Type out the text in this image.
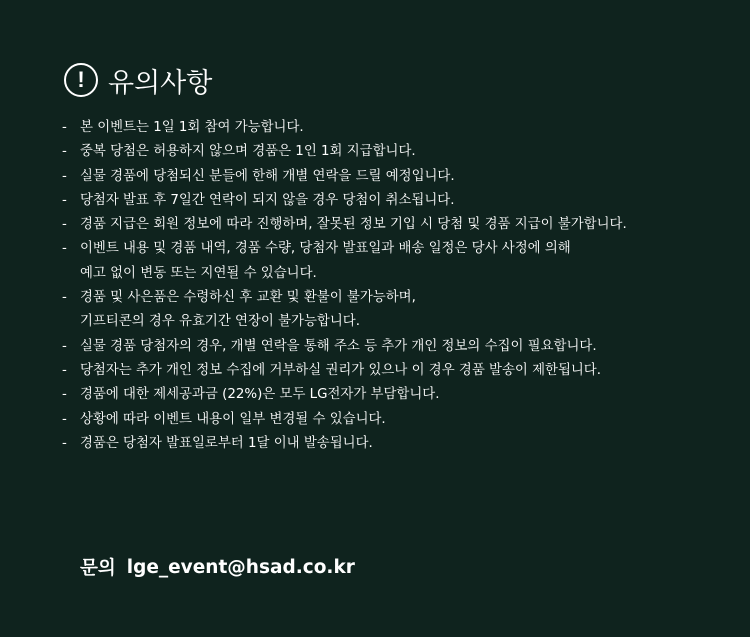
! 유의사항
- 본 이벤트는 1일 1회 참여 가능합니다.
- 중복 당첨은 허용하지 않으며 경품은 1인 1회 지급합니다.
- 실물 경품에 당첨되신 분들에 한해 개별 연락을 드릴 예정입니다.
- 당첨자 발표 후 7일간 연락이 되지 않을 경우 당첨이 취소됩니다.
- 경품 지급은 회원 정보에 따라 진행하며, 잘못된 정보 기입 시 당첨 및 경품 지급이 불가합니다.
- 이벤트 내용 및 경품 내역, 경품 수량, 당첨자 발표일과 배송 일정은 당사 사정에 의해
예고 없이 변동 또는 지연될 수 있습니다.
- 경품 및 사은품은 수령하신 후 교환 및 환불이 불가능하며,
기프티콘의 경우 유효기간 연장이 불가능합니다.
- 실물 경품 당첨자의 경우, 개별 연락을 통해 주소 등 추가 개인 정보의 수집이 필요합니다.
- 당첨자는 추가 개인 정보 수집에 거부하실 권리가 있으나 이 경우 경품 발송이 제한됩니다.
- 경품에 대한 제세공과금 (22%)은 모두 LG전자가 부담합니다.
- 상황에 따라 이벤트 내용이 일부 변경될 수 있습니다.
- 경품은 당첨자 발표일로부터 1달 이내 발송됩니다.
문의 lge_event@hsad.co.kr
